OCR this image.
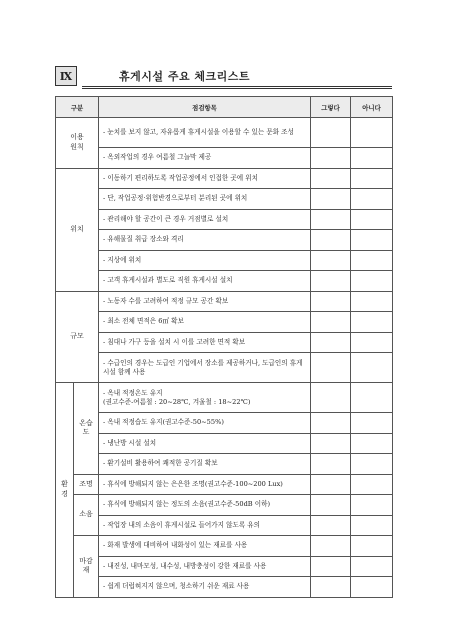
Ⅸ	휴게시설 주요 체크리스트
구분		점검항목	그렇다	아니다
이용
원칙		- 눈치를 보지 않고, 자유롭게 휴게시설을 이용할 수 있는 문화 조성		
		- 옥외작업의 경우 여름철 그늘막 제공		
위치		- 이동하기 편리하도록 작업공정에서 인접한 곳에 위치		
		- 단, 작업공정·위험반경으로부터 분리된 곳에 위치		
		- 관리해야 할 공간이 큰 경우 거점별로 설치		
		- 유해물질 취급 장소와 격리		
		- 지상에 위치		
		- 고객 휴게시설과 별도로 직원 휴게시설 설치		
규모		- 노동자 수를 고려하여 적정 규모 공간 확보		
		- 최소 전체 면적은 6㎡ 확보		
		- 침대나 가구 등을 설치 시 이를 고려한 면적 확보		
		- 수급인의 경우는 도급인 기업에서 장소를 제공하거나, 도급인의 휴게시설 함께 사용		
환
경	온습
도	- 옥내 적정온도 유지
(권고수준-여름철 : 20~28℃, 겨울철 : 18~22℃)		
		- 옥내 적정습도 유지(권고수준-50~55%)		
		- 냉난방 시설 설치		
		- 환기설비 활용하여 쾌적한 공기질 확보		
	조명	- 휴식에 방해되지 않는 은은한 조명(권고수준-100~200 Lux)		
	소음	- 휴식에 방해되지 않는 정도의 소음(권고수준-50dB 이하)		
		- 작업장 내의 소음이 휴게시설로 들어가지 않도록 유의		
	마감
재	- 화재 발생에 대비하여 내화성이 있는 재료를 사용		
		- 내진성, 내마모성, 내수성, 내방충성이 강한 재료를 사용		
		- 쉽게 더럽혀지지 않으며, 청소하기 쉬운 재료 사용		
